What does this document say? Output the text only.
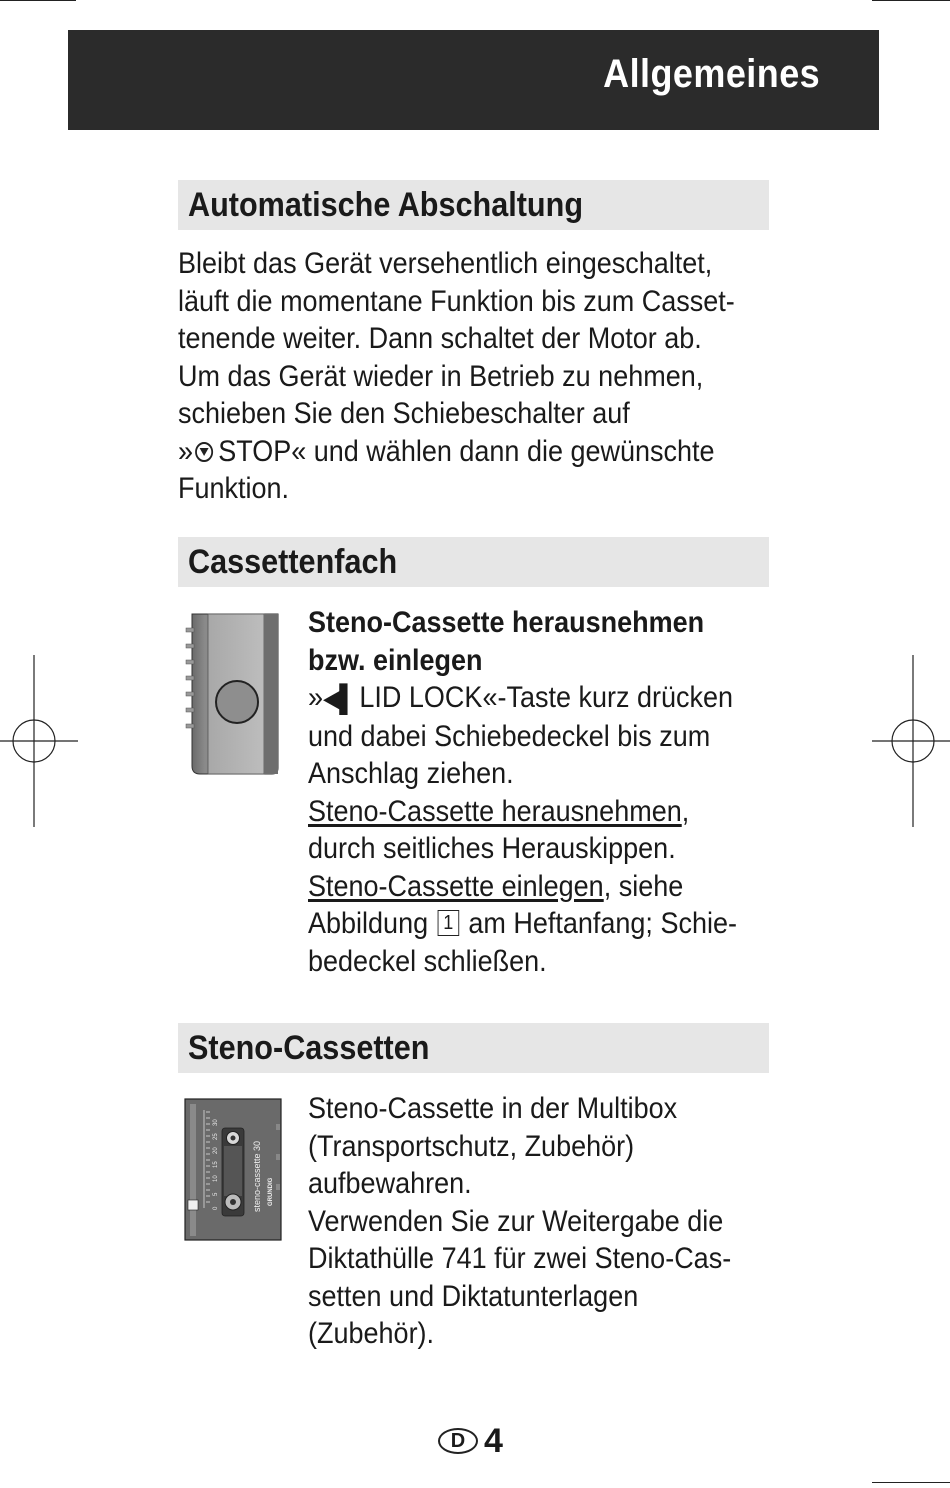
Allgemeines
Automatische Abschaltung
Bleibt das Gerät versehentlich eingeschaltet,
läuft die momentane Funktion bis zum Casset-
tenende weiter. Dann schaltet der Motor ab.
Um das Gerät wieder in Betrieb zu nehmen,
schieben Sie den Schiebeschalter auf
» STOP« und wählen dann die gewünschte
Funktion.
Cassettenfach
Steno-Cassette herausnehmen
bzw. einlegen
»◀▌ LID LOCK«-Taste kurz drücken
und dabei Schiebedeckel bis zum
Anschlag ziehen.
Steno-Cassette herausnehmen,
durch seitliches Herauskippen.
Steno-Cassette einlegen, siehe
Abbildung 1 am Heftanfang; Schie-
bedeckel schließen.
Steno-Cassetten
0
5
10
15
20
25
30
steno-cassette 30 GRUNDIG
Steno-Cassette in der Multibox
(Transportschutz, Zubehör)
aufbewahren.
Verwenden Sie zur Weitergabe die
Diktathülle 741 für zwei Steno-Cas-
setten und Diktatunterlagen
(Zubehör).
D 4
